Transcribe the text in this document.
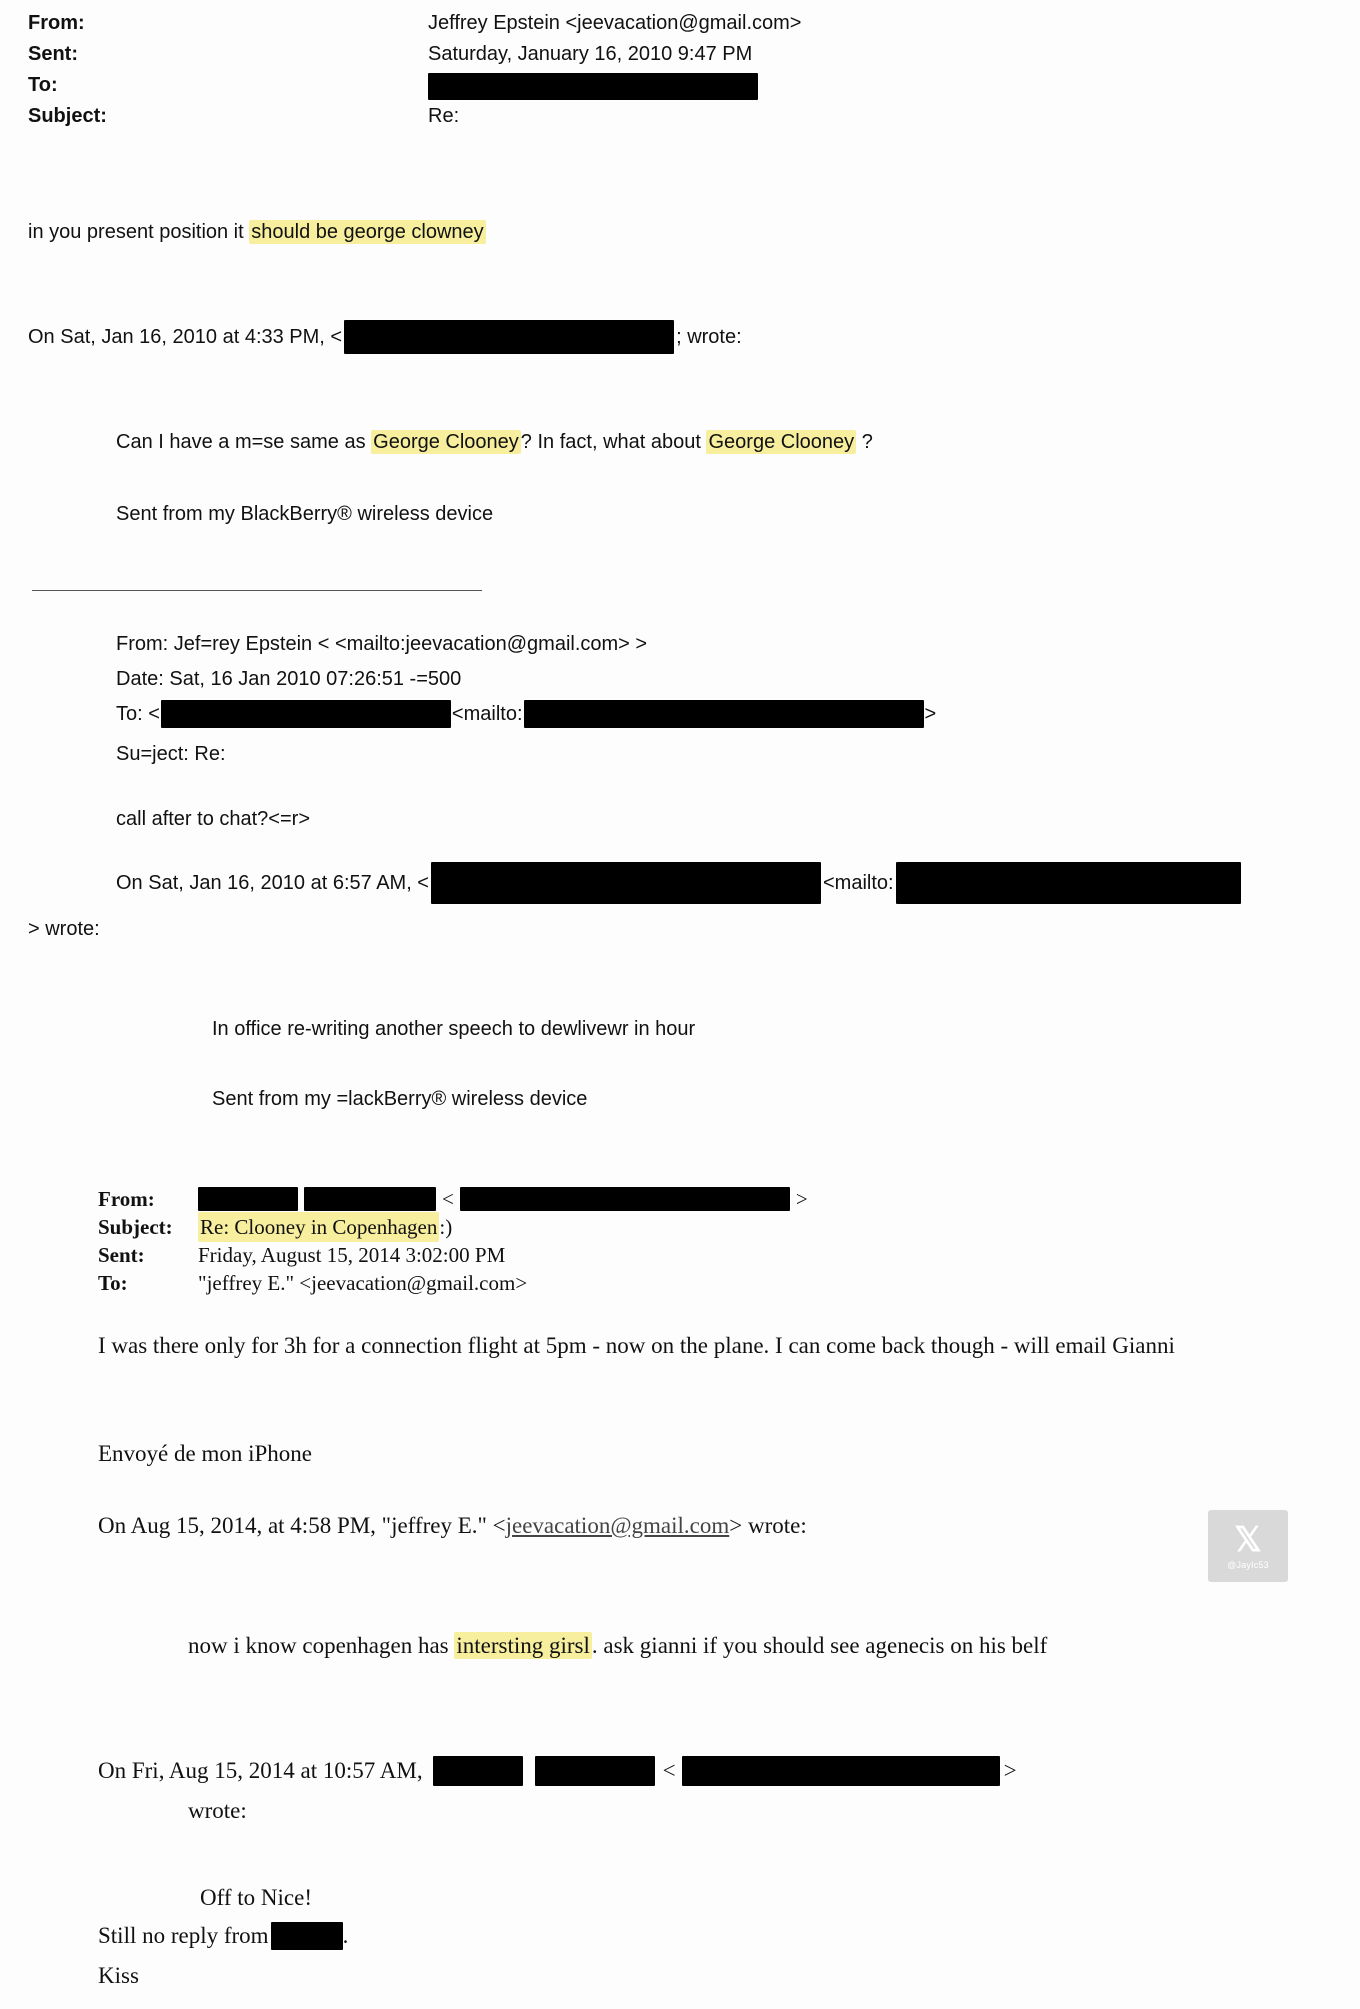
From:	Jeffrey Epstein <jeevacation@gmail.com>
Sent:	Saturday, January 16, 2010 9:47 PM
To:
Subject:	Re:
in you present position it should be george clowney
On Sat, Jan 16, 2010 at 4:33 PM, <	; wrote:
Can I have a m=se same as George Clooney ? In fact, what about George Clooney ?
Sent from my BlackBerry® wireless device
From: Jef=rey Epstein < <mailto:jeevacation@gmail.com> >
Date: Sat, 16 Jan 2010 07:26:51 -=500
To: <	<mailto:	>
Su=ject: Re:
call after to chat?<=r>
On Sat, Jan 16, 2010 at 6:57 AM, <	<mailto:
> wrote:
In office re-writing another speech to dewlivewr in hour
Sent from my =lackBerry® wireless device
From:	<	>
Subject:	Re: Clooney in Copenhagen :)
Sent:	Friday, August 15, 2014 3:02:00 PM
To:	"jeffrey E." <jeevacation@gmail.com>
I was there only for 3h for a connection flight at 5pm - now on the plane. I can come back though - will email Gianni
Envoyé de mon iPhone
On Aug 15, 2014, at 4:58 PM, "jeffrey E." <jeevacation@gmail.com> wrote:
now i know copenhagen has intersting girsl. ask gianni if you should see agenecis on his belf
On Fri, Aug 15, 2014 at 10:57 AM,	<	>
wrote:
Off to Nice!
Still no reply from	.
Kiss
𝕏
@JayIc53
